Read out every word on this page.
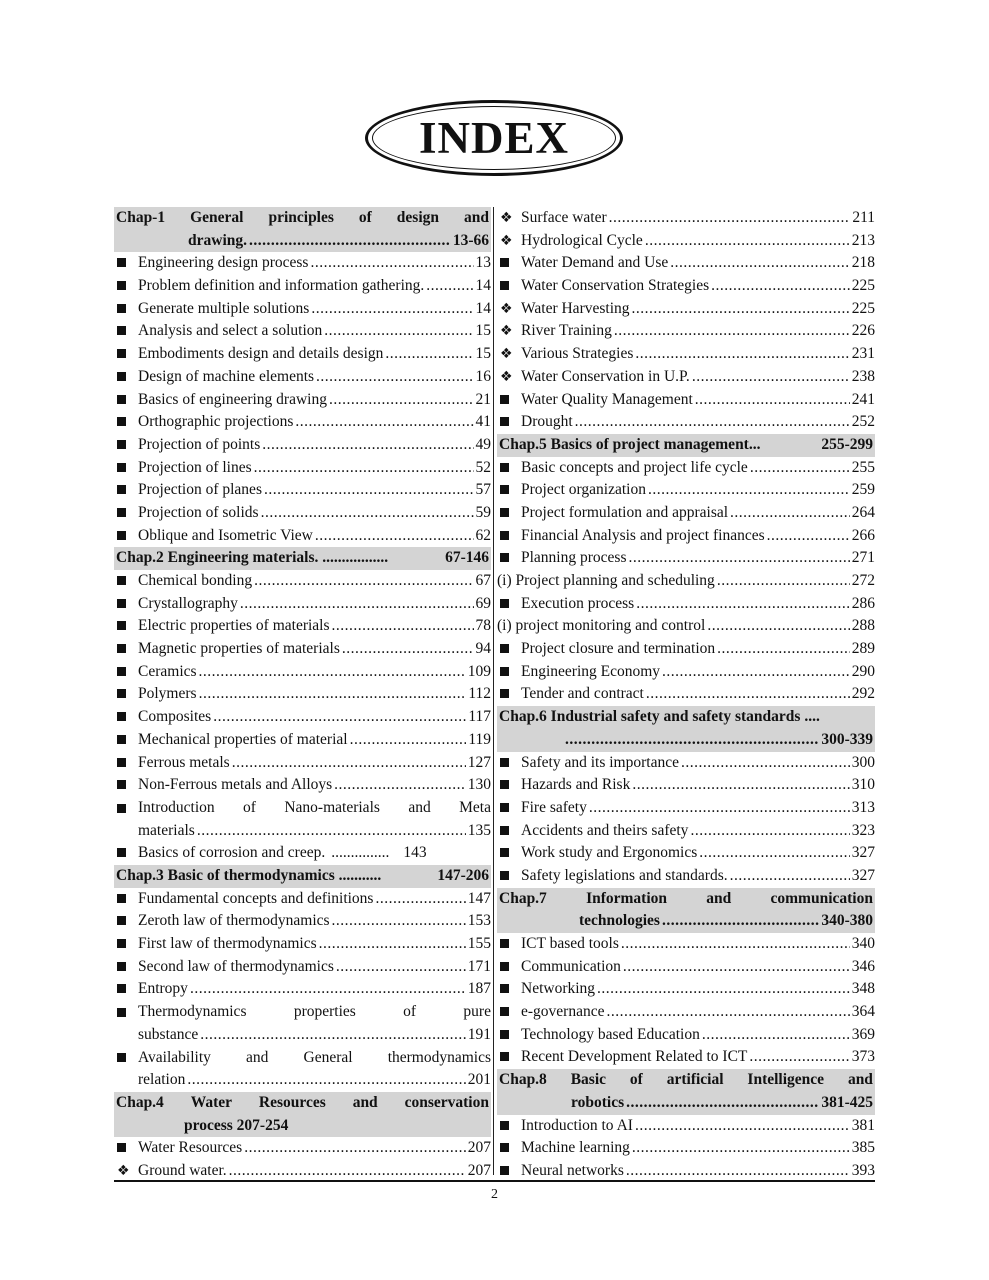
INDEX
Chap-1 General principles of design and
drawing. .....	13-66
Engineering design process .....	13
Problem definition and information gathering. .....	14
Generate multiple solutions .....	14
Analysis and select a solution .....	15
Embodiments design and details design .....	15
Design of machine elements .....	16
Basics of engineering drawing .....	21
Orthographic projections .....	41
Projection of points .....	49
Projection of lines .....	52
Projection of planes .....	57
Projection of solids .....	59
Oblique and Isometric View .....	62
Chap.2 Engineering materials. .................	67-146
Chemical bonding .....	67
Crystallography .....	69
Electric properties of materials .....	78
Magnetic properties of materials .....	94
Ceramics .....	109
Polymers .....	112
Composites .....	117
Mechanical properties of material .....	119
Ferrous metals .....	127
Non-Ferrous metals and Alloys .....	130
Introduction of Nano-materials and Meta
materials .....	135
Basics of corrosion and creep. ............... 143
Chap.3 Basic of thermodynamics ...........	147-206
Fundamental concepts and definitions .....	147
Zeroth law of thermodynamics .....	153
First law of thermodynamics .....	155
Second law of thermodynamics .....	171
Entropy .....	187
Thermodynamics	properties	of	pure
substance .....	191
Availability and General thermodynamics
relation .....	201
Chap.4 Water Resources and conservation
process 207-254
Water Resources .....	207
❖ Ground water. .....	207
❖ Surface water .....	211
❖ Hydrological Cycle .....	213
Water Demand and Use .....	218
Water Conservation Strategies .....	225
❖ Water Harvesting .....	225
❖ River Training .....	226
❖ Various Strategies .....	231
❖ Water Conservation in U.P. .....	238
Water Quality Management .....	241
Drought .....	252
Chap.5 Basics of project management...	255-299
Basic concepts and project life cycle .....	255
Project organization .....	259
Project formulation and appraisal .....	264
Financial Analysis and project finances .....	266
Planning process .....	271
(i) Project planning and scheduling .....	272
Execution process .....	286
(i) project monitoring and control .....	288
Project closure and termination .....	289
Engineering Economy .....	290
Tender and contract .....	292
Chap.6 Industrial safety and safety standards ....
.....
300-339
Safety and its importance .....	300
Hazards and Risk .....	310
Fire safety .....	313
Accidents and theirs safety .....	323
Work study and Ergonomics .....	327
Safety legislations and standards. .....	327
Chap.7	Information	and	communication
technologies .....	340-380
ICT based tools .....	340
Communication .....	346
Networking .....	348
e-governance .....	364
Technology based Education .....	369
Recent Development Related to ICT .....	373
Chap.8 Basic of artificial Intelligence and
robotics .....	381-425
Introduction to AI .....	381
Machine learning .....	385
Neural networks .....	393
2
